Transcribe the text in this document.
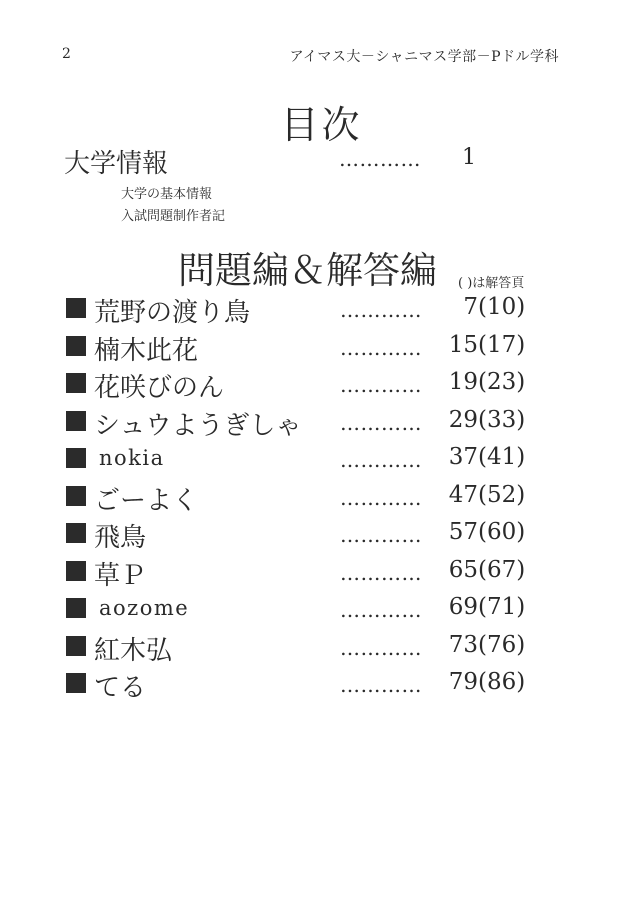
2	アイマス大－シャニマス学部－Pドル学科
目次
大学情報	………… 1
大学の基本情報
入試問題制作者記
問題編＆解答編 ( )は解答頁
荒野の渡り鳥	…………	7(10)
楠木此花	………… 15(17)
花咲びのん	………… 19(23)
シュウようぎしゃ ………… 29(33)
nokia	………… 37(41)
ごーよく	………… 47(52)
飛鳥	………… 57(60)
草Ｐ	………… 65(67)
aozome	………… 69(71)
紅木弘	………… 73(76)
てる	………… 79(86)
